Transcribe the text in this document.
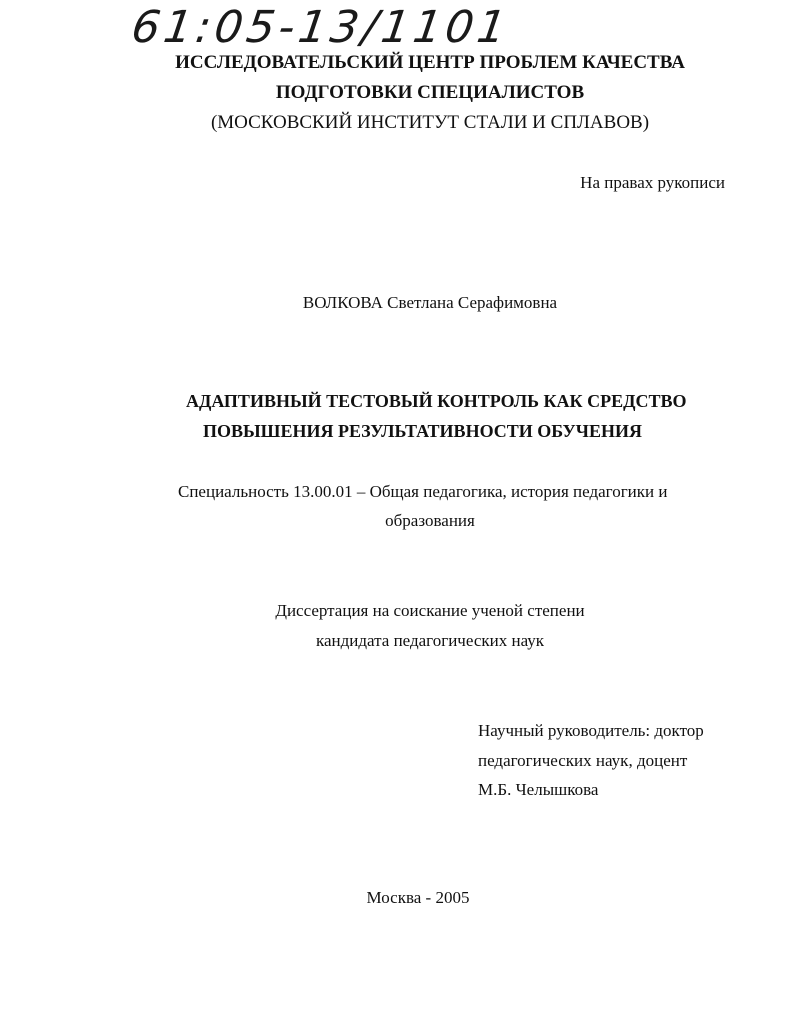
61:05-13/1101
ИССЛЕДОВАТЕЛЬСКИЙ ЦЕНТР ПРОБЛЕМ КАЧЕСТВА
ПОДГОТОВКИ СПЕЦИАЛИСТОВ
(МОСКОВСКИЙ ИНСТИТУТ СТАЛИ И СПЛАВОВ)
На правах рукописи
ВОЛКОВА Светлана Серафимовна
АДАПТИВНЫЙ ТЕСТОВЫЙ КОНТРОЛЬ КАК СРЕДСТВО
ПОВЫШЕНИЯ РЕЗУЛЬТАТИВНОСТИ ОБУЧЕНИЯ
Специальность 13.00.01 – Общая педагогика, история педагогики и
образования
Диссертация на соискание ученой степени
кандидата педагогических наук
Научный руководитель: доктор
педагогических наук, доцент
М.Б. Челышкова
Москва - 2005
